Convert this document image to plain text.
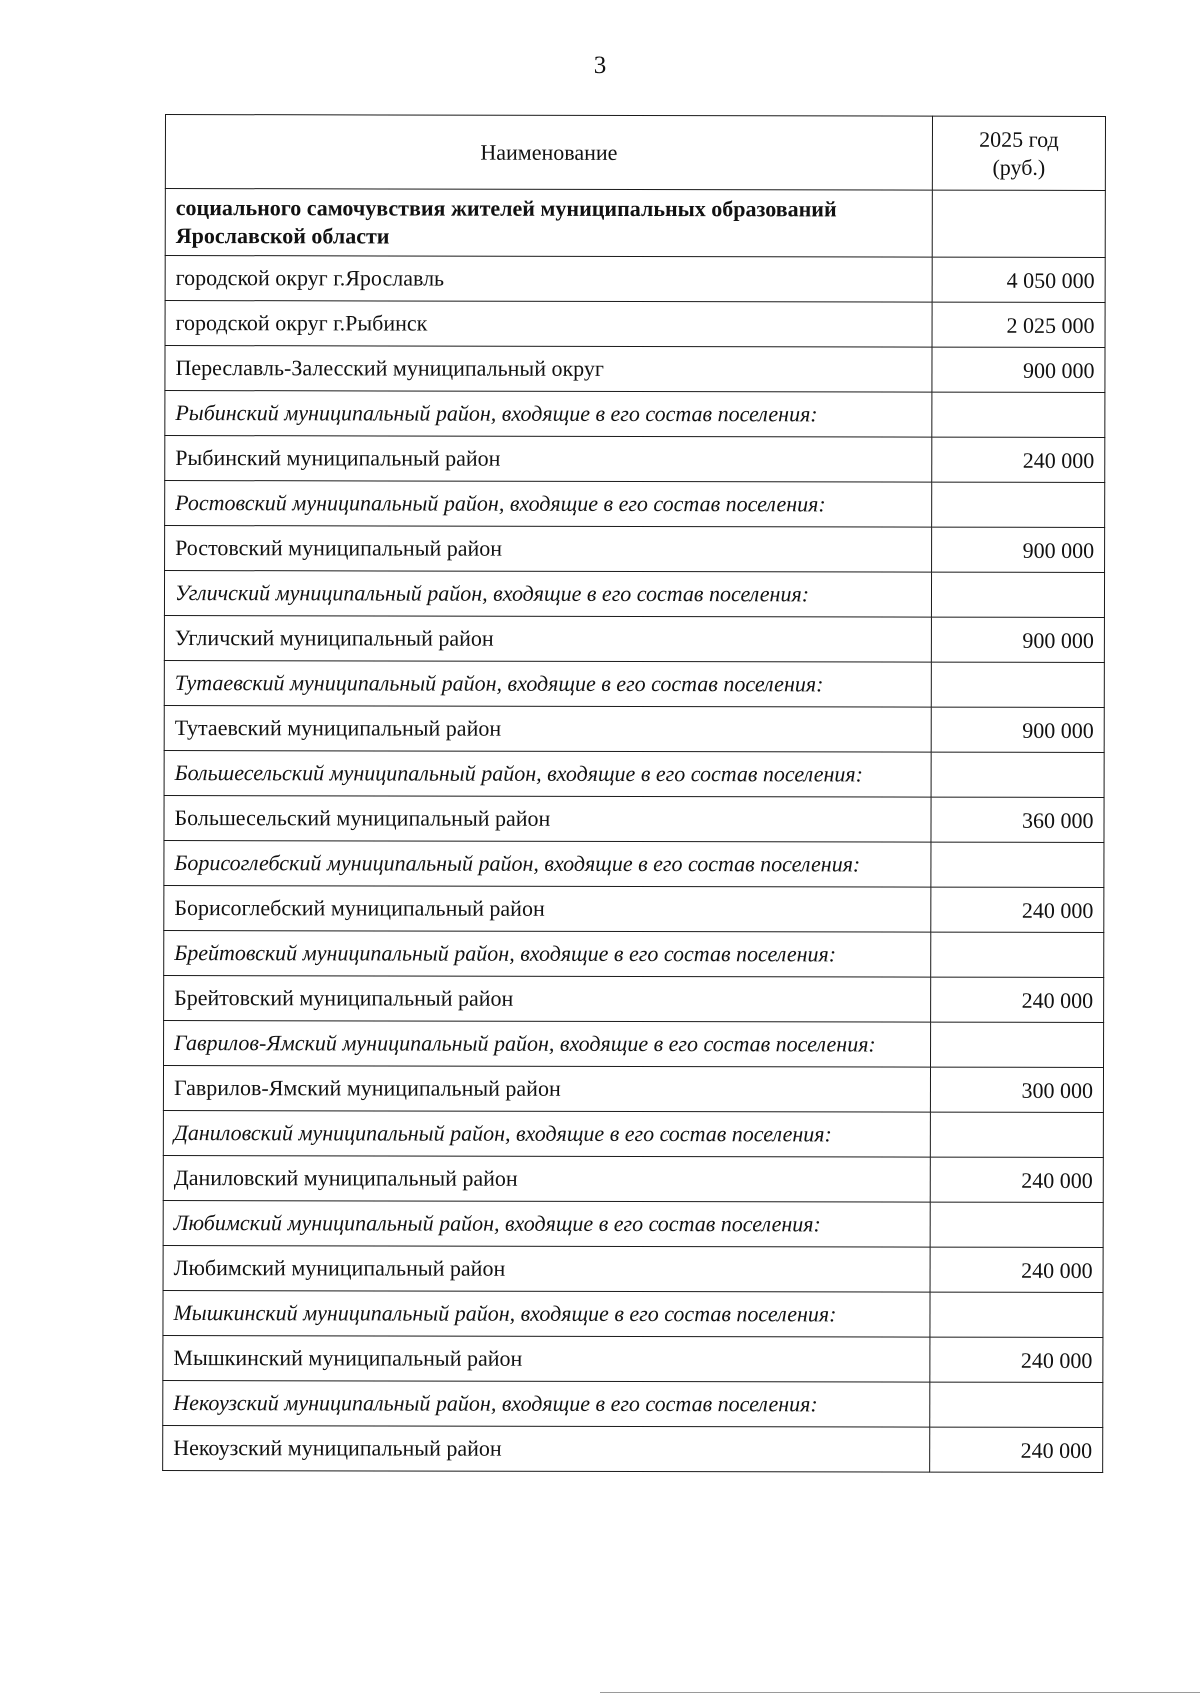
3
Наименование	2025 год
(руб.)
социального самочувствия жителей муниципальных образований Ярославской области	
городской округ г.Ярославль	4 050 000
городской округ г.Рыбинск	2 025 000
Переславль-Залесский муниципальный округ	900 000
Рыбинский муниципальный район, входящие в его состав поселения:	
Рыбинский муниципальный район	240 000
Ростовский муниципальный район, входящие в его состав поселения:	
Ростовский муниципальный район	900 000
Угличский муниципальный район, входящие в его состав поселения:	
Угличский муниципальный район	900 000
Тутаевский муниципальный район, входящие в его состав поселения:	
Тутаевский муниципальный район	900 000
Большесельский муниципальный район, входящие в его состав поселения:	
Большесельский муниципальный район	360 000
Борисоглебский муниципальный район, входящие в его состав поселения:	
Борисоглебский муниципальный район	240 000
Брейтовский муниципальный район, входящие в его состав поселения:	
Брейтовский муниципальный район	240 000
Гаврилов-Ямский муниципальный район, входящие в его состав поселения:	
Гаврилов-Ямский муниципальный район	300 000
Даниловский муниципальный район, входящие в его состав поселения:	
Даниловский муниципальный район	240 000
Любимский муниципальный район, входящие в его состав поселения:	
Любимский муниципальный район	240 000
Мышкинский муниципальный район, входящие в его состав поселения:	
Мышкинский муниципальный район	240 000
Некоузский муниципальный район, входящие в его состав поселения:	
Некоузский муниципальный район	240 000
